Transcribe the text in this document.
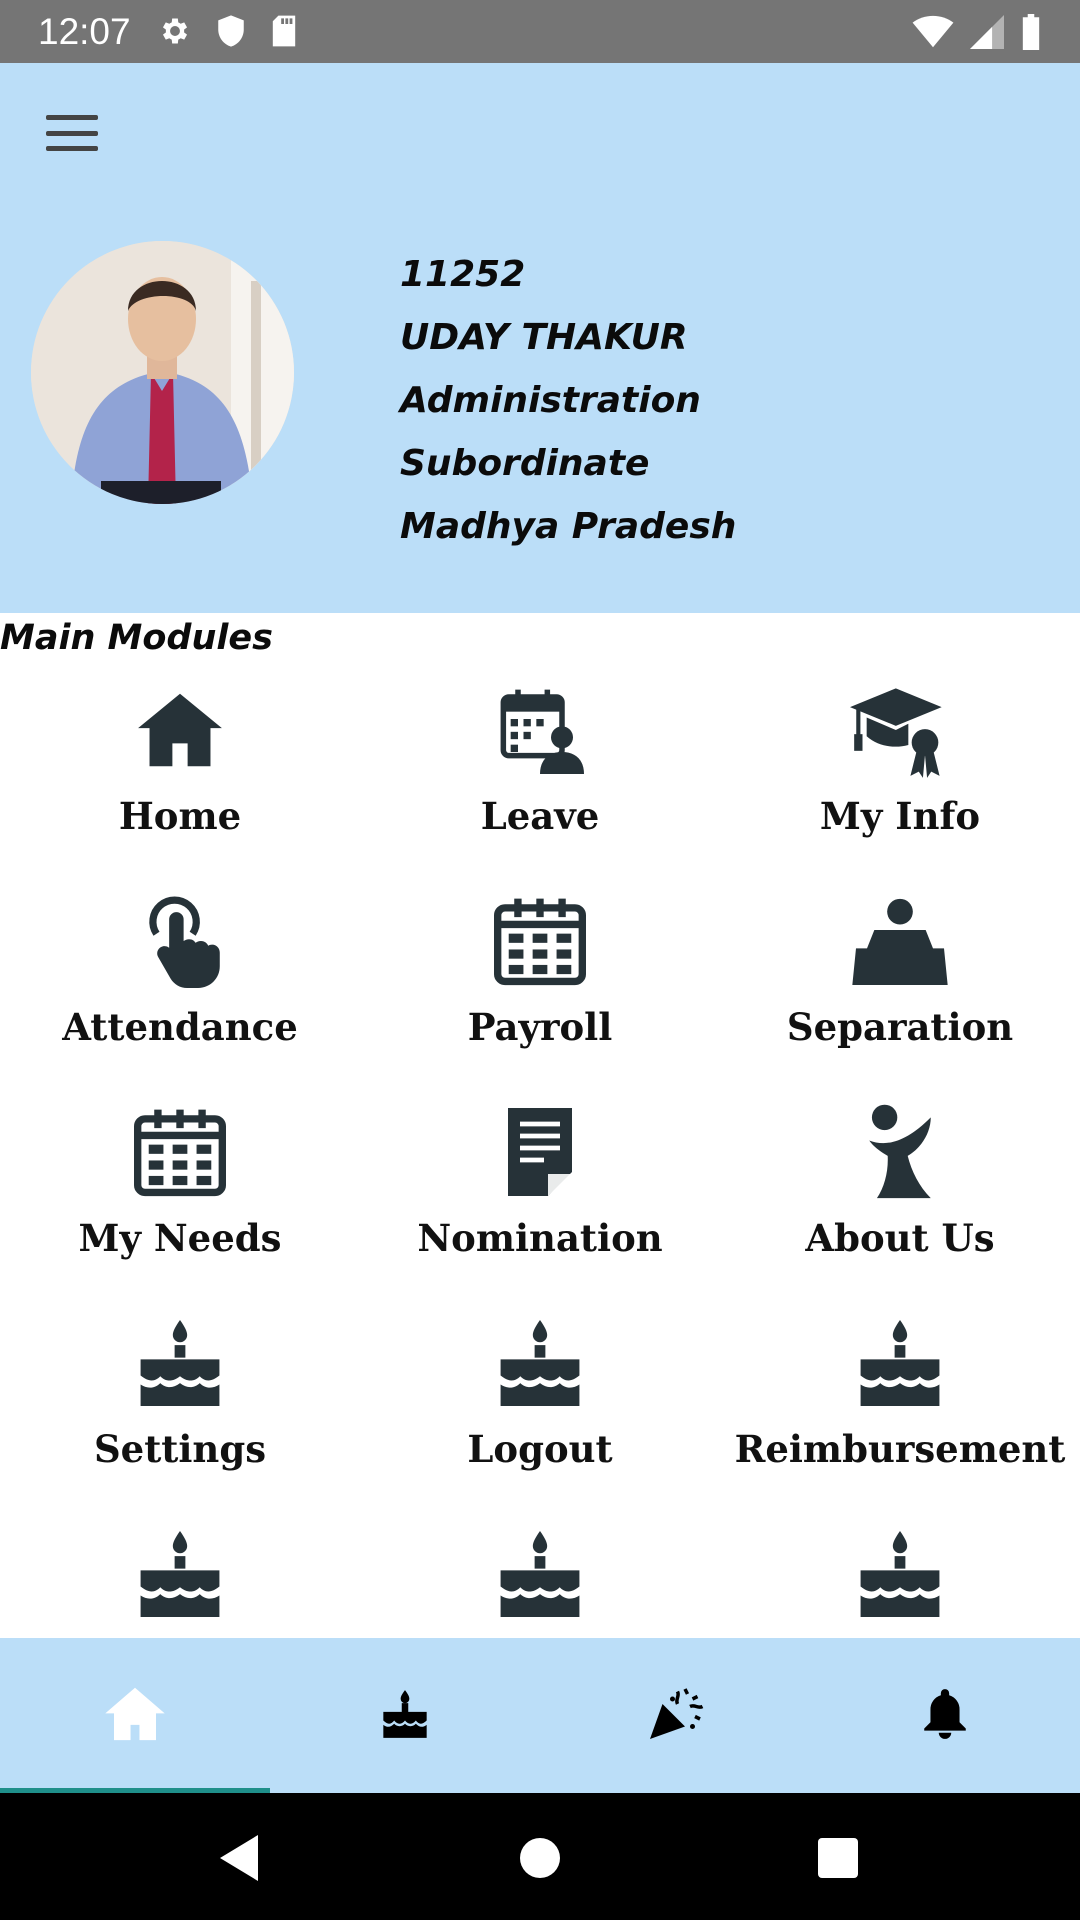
12:07
11252
UDAY THAKUR
Administration
Subordinate
Madhya Pradesh
Main Modules
Home	Leave	My Info
Attendance	Payroll	Separation
My Needs	Nomination	About Us
Settings	Logout	Reimbursement
